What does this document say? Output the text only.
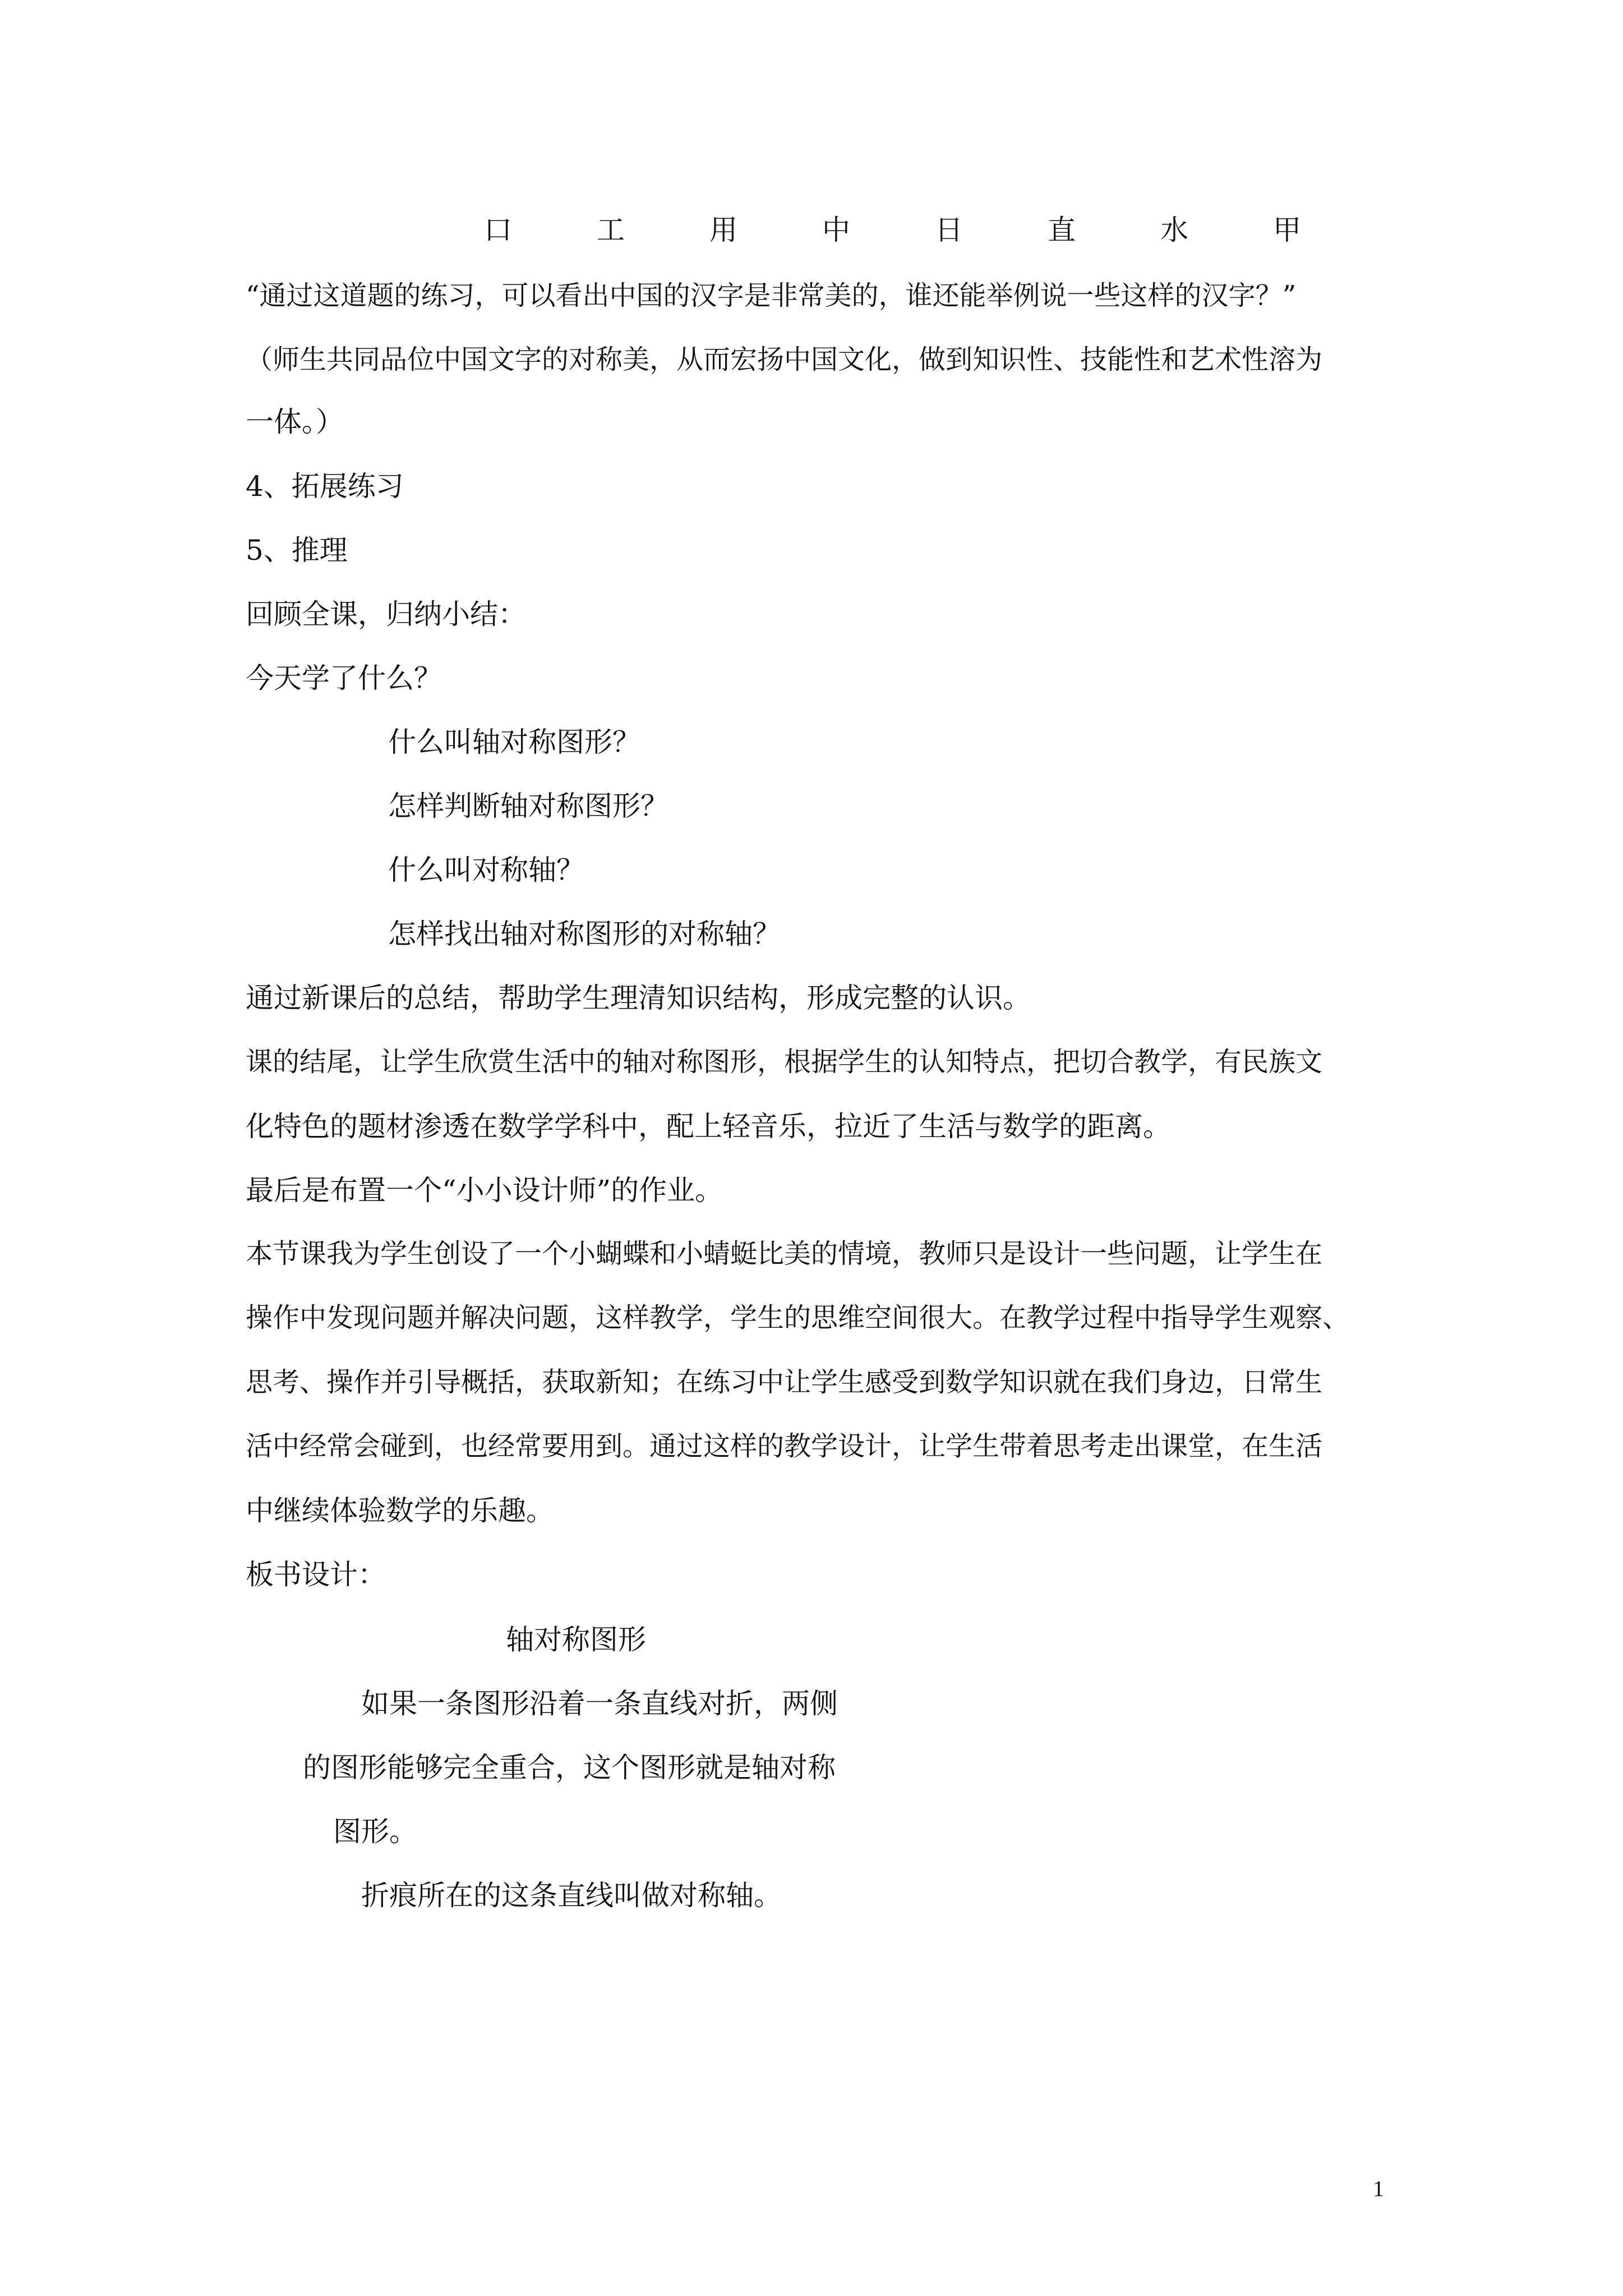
口	工	用	中	日	直	水	甲
“通过这道题的练习，可以看出中国的汉字是非常美的，谁还能举例说一些这样的汉字？”
（师生共同品位中国文字的对称美，从而宏扬中国文化，做到知识性、技能性和艺术性溶为
一体。）
4、拓展练习
5、推理
回顾全课，归纳小结：
今天学了什么？
什么叫轴对称图形？
怎样判断轴对称图形？
什么叫对称轴？
怎样找出轴对称图形的对称轴？
通过新课后的总结，帮助学生理清知识结构，形成完整的认识。
课的结尾，让学生欣赏生活中的轴对称图形，根据学生的认知特点，把切合教学，有民族文
化特色的题材渗透在数学学科中，配上轻音乐，拉近了生活与数学的距离。
最后是布置一个“小小设计师”的作业。
本节课我为学生创设了一个小蝴蝶和小蜻蜓比美的情境，教师只是设计一些问题，让学生在
操作中发现问题并解决问题，这样教学，学生的思维空间很大。在教学过程中指导学生观察、
思考、操作并引导概括，获取新知；在练习中让学生感受到数学知识就在我们身边，日常生
活中经常会碰到，也经常要用到。通过这样的教学设计，让学生带着思考走出课堂，在生活
中继续体验数学的乐趣。
板书设计：
轴对称图形
如果一条图形沿着一条直线对折，两侧
的图形能够完全重合，这个图形就是轴对称
图形。
折痕所在的这条直线叫做对称轴。
1
